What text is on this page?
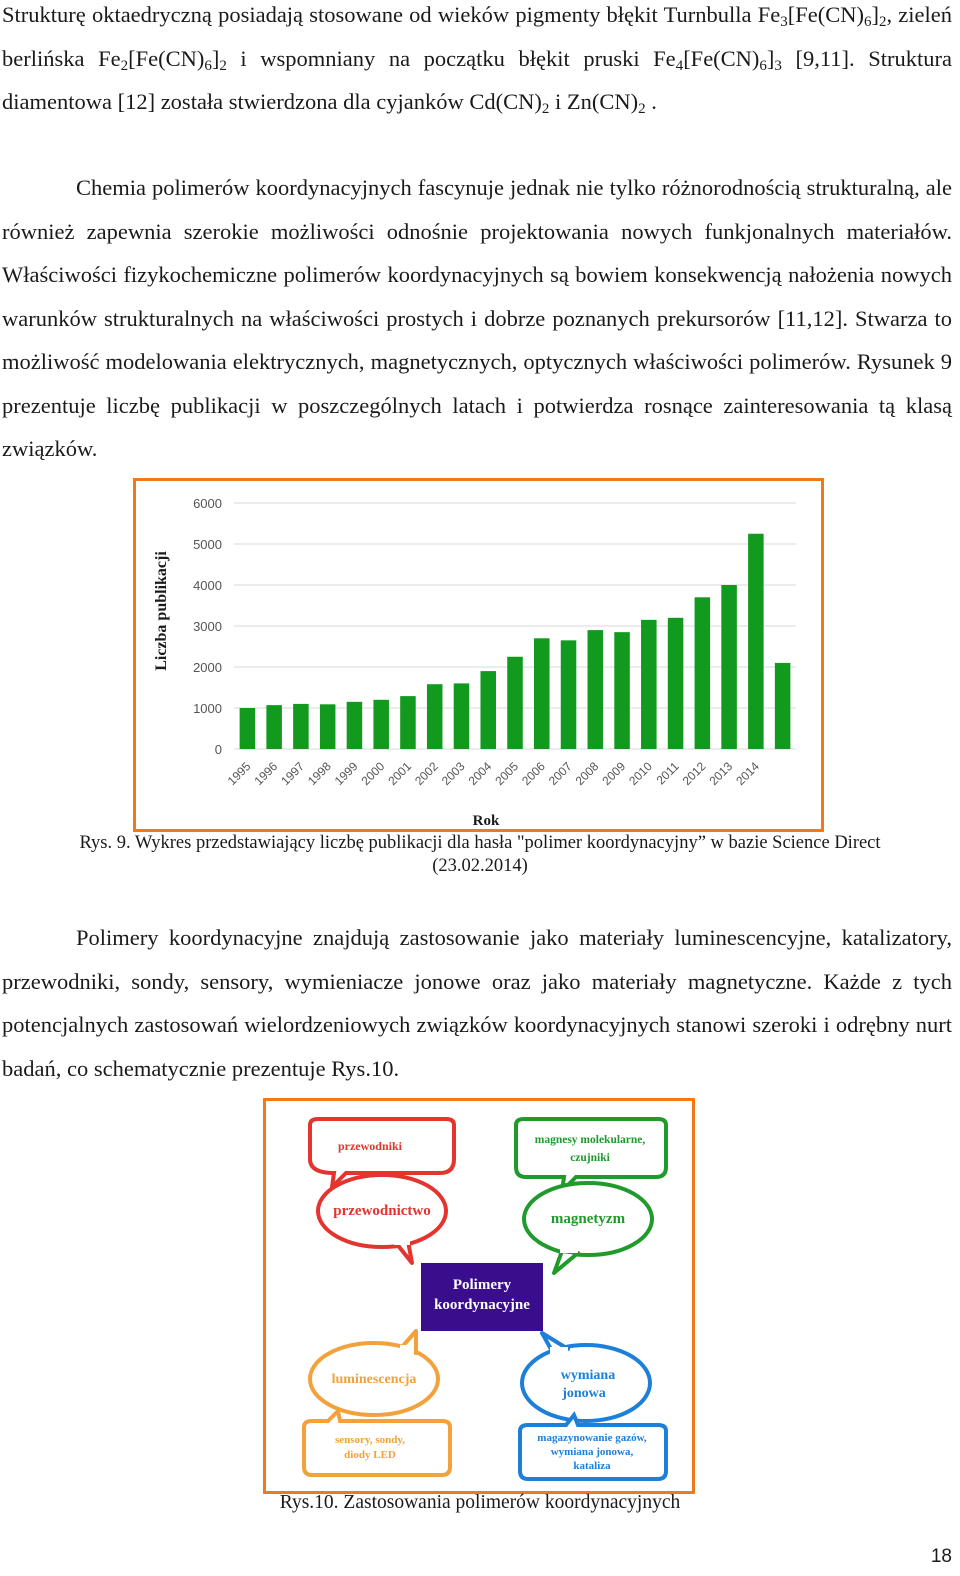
Strukturę oktaedryczną posiadają stosowane od wieków pigmenty błękit Turnbulla $Fe_3[Fe(CN)_6]_2$, zieleń berlińska $Fe_2[Fe(CN)_6]_2$ i wspomniany na początku błękit pruski $Fe_4[Fe(CN)_6]_3$ [9,11]. Struktura diamentowa [12] została stwierdzona dla cyjanków $Cd(CN)_2$ i $Zn(CN)_2$ .

Chemia polimerów koordynacyjnych fascynuje jednak nie tylko różnorodnością strukturalną, ale również zapewnia szerokie możliwości odnośnie projektowania nowych funkjonalnych materiałów. Właściwości fizykochemiczne polimerów koordynacyjnych są bowiem konsekwencją nałożenia nowych warunków strukturalnych na właściwości prostych i dobrze poznanych prekursorów [11,12]. Stwarza to możliwość modelowania elektrycznych, magnetycznych, optycznych właściwości polimerów. Rysunek 9 prezentuje liczbę publikacji w poszczególnych latach i potwierdza rosnące zainteresowania tą klasą związków.

0
1000
2000
3000
4000
5000
6000
1995
1996
1997
1998
1999
2000
2001
2002
2003
2004
2005
2006
2007
2008
2009
2010
2011
2012
2013
2014
Liczba publikacji
Rok
Rys. 9. Wykres przedstawiający liczbę publikacji dla hasła "polimer koordynacyjny” w bazie Science Direct
(23.02.2014)

Polimery koordynacyjne znajdują zastosowanie jako materiały luminescencyjne, katalizatory, przewodniki, sondy, sensory, wymieniacze jonowe oraz jako materiały magnetyczne. Każde z tych potencjalnych zastosowań wielordzeniowych związków koordynacyjnych stanowi szeroki i odrębny nurt badań, co schematycznie prezentuje Rys.10.

przewodniki
przewodnictwo
magnesy molekularne,
czujniki
magnetyzm
Polimery
koordynacyjne
luminescencja
sensory, sondy,
diody LED
wymiana
jonowa
magazynowanie gazów,
wymiana jonowa,
kataliza
Rys.10. Zastosowania polimerów koordynacyjnych
18
